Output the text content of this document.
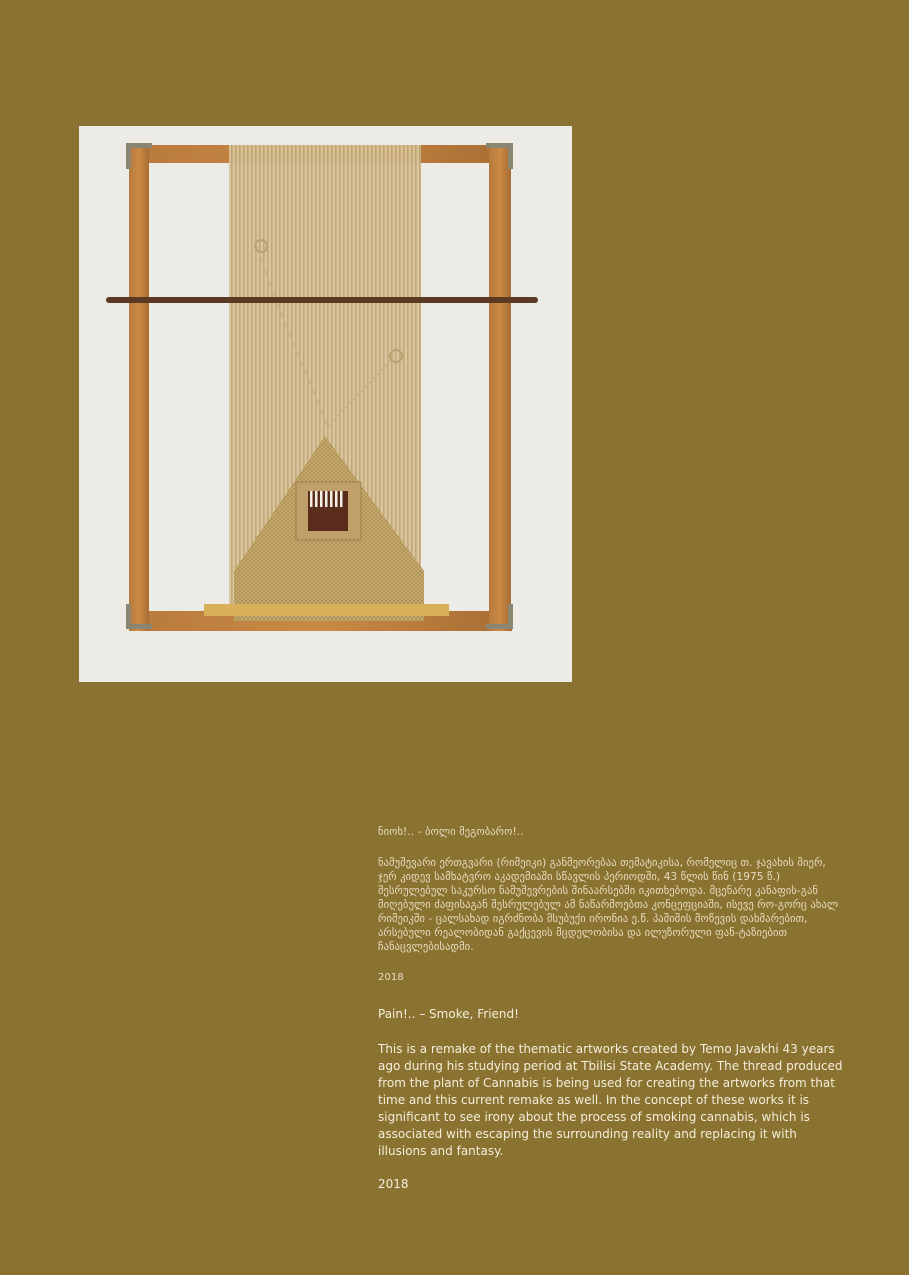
ნიოხ!.. - ბოლი მეგობარო!..

ნამუშევარი ერთგვარი (რიმეიკი) განმეორებაა თემატიკისა, რომელიც თ. ჯავახის მიერ, ჯერ კიდევ სამხატვრო აკადემიაში სწავლის პერიოდში, 43 წლის წინ (1975 წ.) შესრულებულ საკურსო ნამუშევრების შინაარსებში იკითხებოდა. მცენარე კანაფის-გან მიღებული ძაფისაგან შესრულებულ ამ ნაწარმოებთა კონცეფციაში, ისევე რო-გორც ახალ რიმეიკში - ცალსახად იგრძნობა მსუბუქი ირონია ე.წ. პაშიშის მოწევის დახმარებით, არსებული რეალობიდან გაქცევის მცდელობისა და ილუზორული ფან-ტაზიებით ჩანაცვლებისადმი.

2018

Pain!.. – Smoke, Friend!

This is a remake of the thematic artworks created by Temo Javakhi 43 years ago during his studying period at Tbilisi State Academy. The thread produced from the plant of Cannabis is being used for creating the artworks from that time and this current remake as well. In the concept of these works it is significant to see irony about the process of smoking cannabis, which is associated with escaping the surrounding reality and replacing it with illusions and fantasy.

2018
